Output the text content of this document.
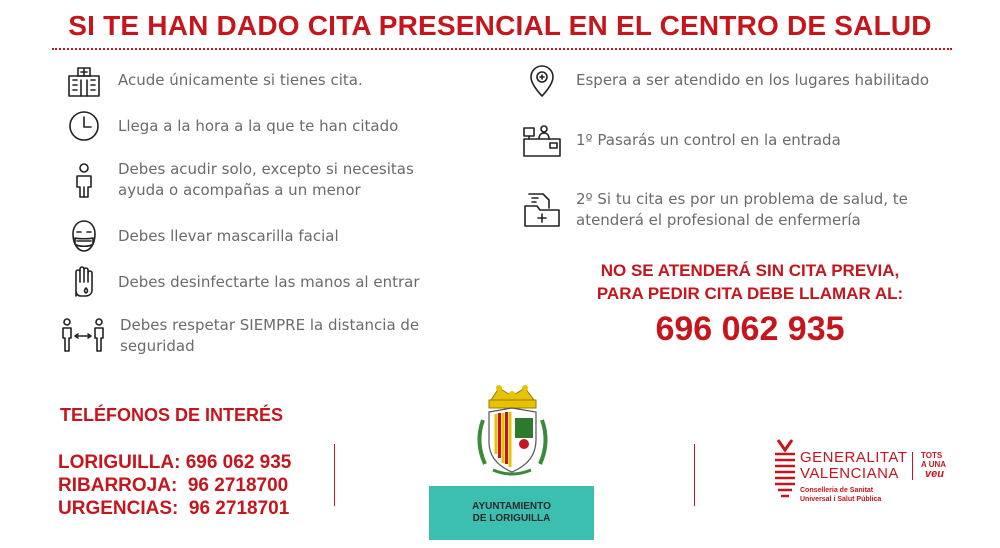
SI TE HAN DADO CITA PRESENCIAL EN EL CENTRO DE SALUD
Acude únicamente si tienes cita.
Llega a la hora a la que te han citado
Debes acudir solo, excepto si necesitas ayuda o acompañas a un menor
Debes llevar mascarilla facial
Debes desinfectarte las manos al entrar
Debes respetar SIEMPRE la distancia de seguridad
Espera a ser atendido en los lugares habilitado
1º Pasarás un control en la entrada
2º Si tu cita es por un problema de salud, te atenderá el profesional de enfermería
NO SE ATENDERÁ SIN CITA PREVIA,
PARA PEDIR CITA DEBE LLAMAR AL:
696 062 935
TELÉFONOS DE INTERÉS
LORIGUILLA: 696 062 935
RIBARROJA:  96 2718700
URGENCIAS:  96 2718701	AYUNTAMIENTO
DE LORIGUILLA
GENERALITAT
VALENCIANA
Conselleria de Sanitat
Universal i Salut Pública
TOTS
A UNA
veu
